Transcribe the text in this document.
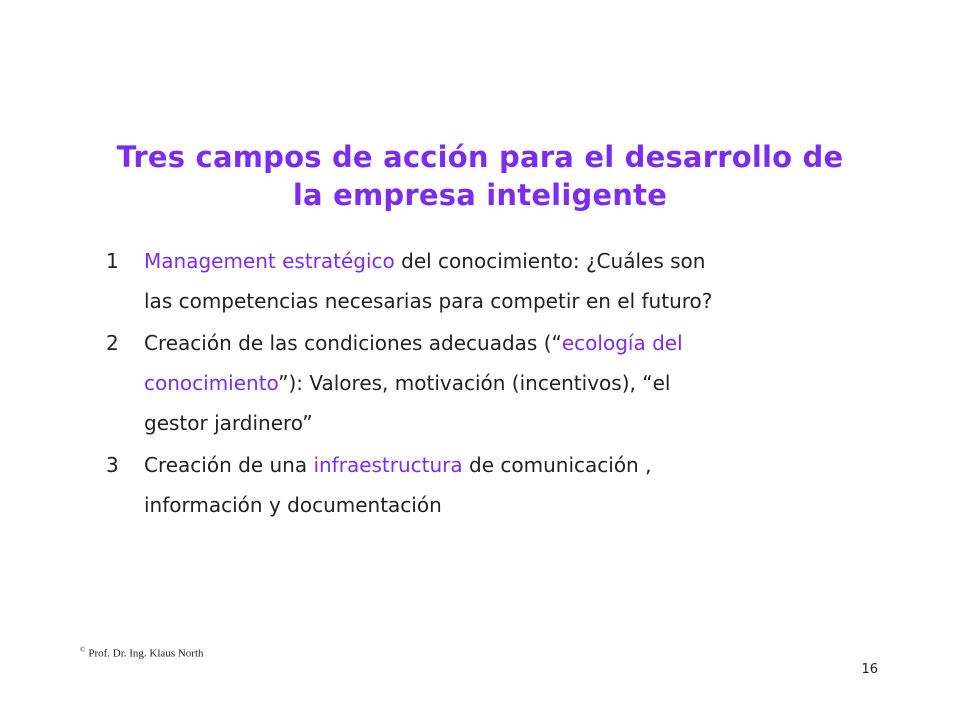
Tres campos de acción para el desarrollo de
la empresa inteligente
1 Management estratégico del conocimiento: ¿Cuáles son
las competencias necesarias para competir en el futuro?
2 Creación de las condiciones adecuadas (“ecología del
conocimiento”): Valores, motivación (incentivos), “el
gestor jardinero”
3 Creación de una infraestructura de comunicación ,
información y documentación
© Prof. Dr. Ing. Klaus North
16
